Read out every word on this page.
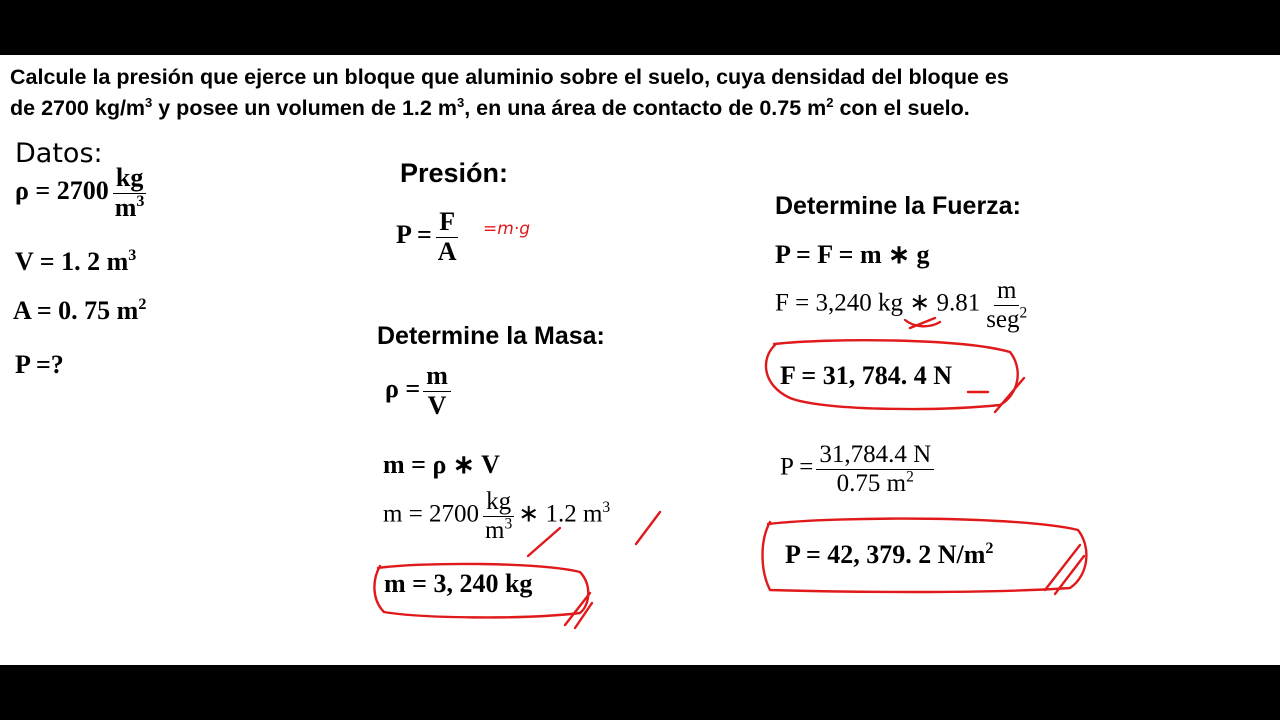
Calcule la presión que ejerce un bloque que aluminio sobre el suelo, cuya densidad del bloque es
de 2700 $kg/m^3$ y posee un volumen de 1.2 $m^3$, en una área de contacto de 0.75 $m^2$ con el suelo.
Datos:
$\rho = 2700 \frac{kg}{m^3}$
V = 1. 2 $m^3$
A = 0. 75 $m^2$
P =?
Presión:
$P = \frac{F}{A} =m\cdot g$
Determine la Masa:
$\rho = \frac{m}{V}$
m = ρ ∗ V
$m = 2700 \frac{kg}{m^3}$ ∗ 1.2 $m^3$
m = 3, 240 kg
Determine la Fuerza:
P = F = m ∗ g
F = 3,240 kg ∗ $9.81 \frac{m}{seg^2}$
F = 31, 784. 4 N
$P = \frac{31,784.4 N}{0.75 m^2}$
P = 42, 379. 2 $N/m^2$
